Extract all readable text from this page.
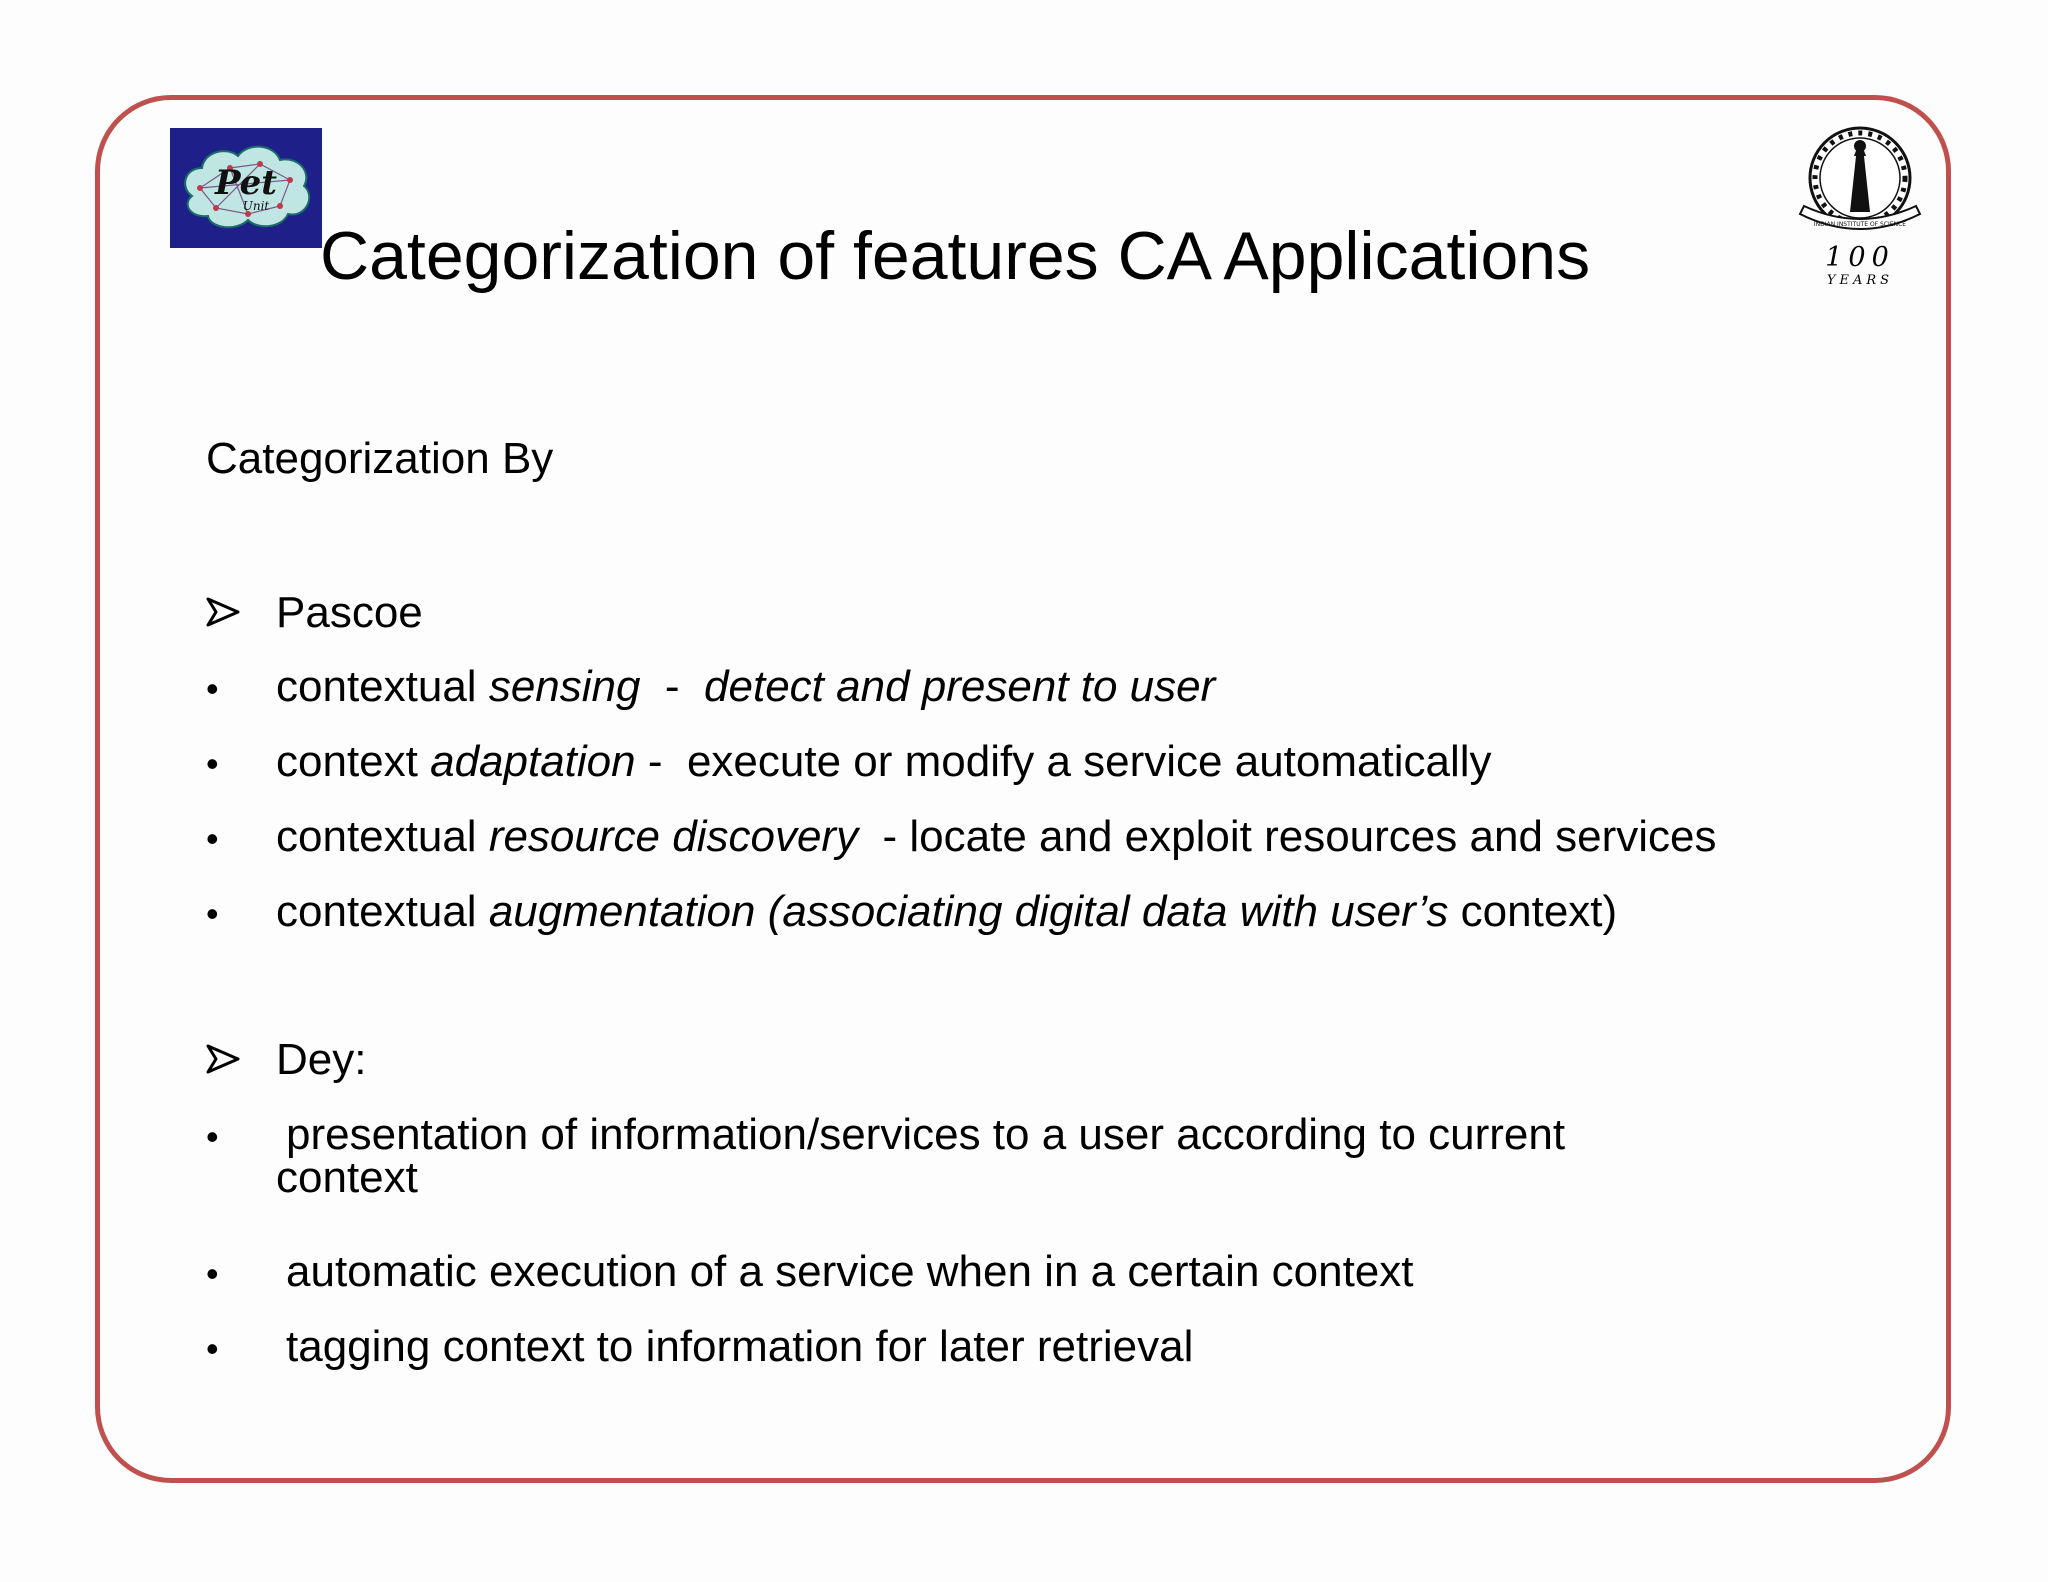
Pet
Unit
INDIAN INSTITUTE OF SCIENCE
100
YEARS
Categorization of features CA Applications
Categorization By
Pascoe
•	contextual sensing  -  detect and present to user
•	context adaptation -  execute or modify a service automatically
•	contextual resource discovery  - locate and exploit resources and services
•	contextual augmentation (associating digital data with user’s context)
Dey:
•	presentation of information/services to a user according to current
context
•	automatic execution of a service when in a certain context
•	tagging context to information for later retrieval
